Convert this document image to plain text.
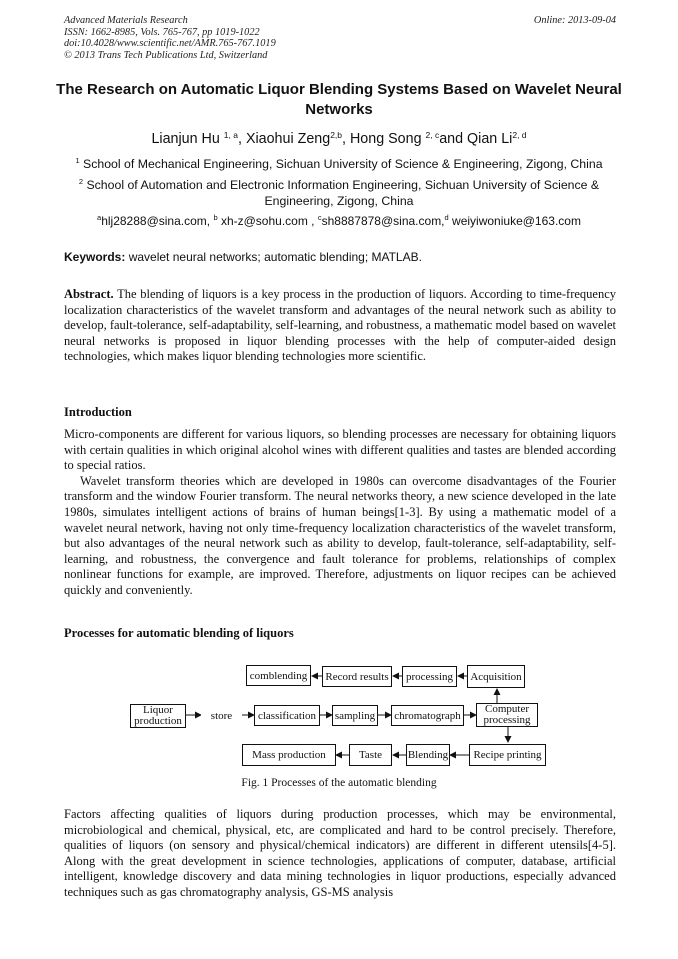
Advanced Materials Research
ISSN: 1662-8985, Vols. 765-767, pp 1019-1022
doi:10.4028/www.scientific.net/AMR.765-767.1019
© 2013 Trans Tech Publications Ltd, Switzerland
Online: 2013-09-04
The Research on Automatic Liquor Blending Systems Based on Wavelet Neural Networks
Lianjun Hu $^{1, a}$, Xiaohui Zeng$^{2,b}$, Hong Song $^{2, c}$and Qian Li$^{2, d}$
$^1$ School of Mechanical Engineering, Sichuan University of Science & Engineering, Zigong, China
$^2$ School of Automation and Electronic Information Engineering, Sichuan University of Science & Engineering, Zigong, China
$^a$hlj28288@sina.com, $^b$ xh-z@sohu.com , $^c$sh8887878@sina.com,$^d$ weiyiwoniuke@163.com
Keywords: wavelet neural networks; automatic blending; MATLAB.

Abstract. The blending of liquors is a key process in the production of liquors. According to time-frequency localization characteristics of the wavelet transform and advantages of the neural network such as ability to develop, fault-tolerance, self-adaptability, self-learning, and robustness, a mathematic model based on wavelet neural networks is proposed in liquor blending processes with the help of computer-aided design technologies, which makes liquor blending technologies more scientific.

Introduction

Micro-components are different for various liquors, so blending processes are necessary for obtaining liquors with certain qualities in which original alcohol wines with different qualities and tastes are blended according to special ratios.

Wavelet transform theories which are developed in 1980s can overcome disadvantages of the Fourier transform and the window Fourier transform. The neural networks theory, a new science developed in the late 1980s, simulates intelligent actions of brains of human beings[1-3]. By using a mathematic model of a wavelet neural network, having not only time-frequency localization characteristics of the wavelet transform, but also advantages of the neural network such as ability to develop, fault-tolerance, self-adaptability, self-learning, and robustness, the convergence and fault tolerance for problems, relationships of complex nonlinear functions for example, are improved. Therefore, adjustments on liquor recipes can be achieved quickly and conveniently.

Processes for automatic blending of liquors
comblending	Record results	processing	Acquisition
Liquor production	store	classification	sampling chromatograph
Computer processing
Mass production	Taste	Blending	Recipe printing
Fig. 1 Processes of the automatic blending

Factors affecting qualities of liquors during production processes, which may be environmental, microbiological and chemical, physical, etc, are complicated and hard to be control precisely. Therefore, qualities of liquors (on sensory and physical/chemical indicators) are different in different utensils[4-5]. Along with the great development in science technologies, applications of computer, database, artificial intelligent, knowledge discovery and data mining technologies in liquor productions, especially advanced techniques such as gas chromatography analysis, GS-MS analysis
